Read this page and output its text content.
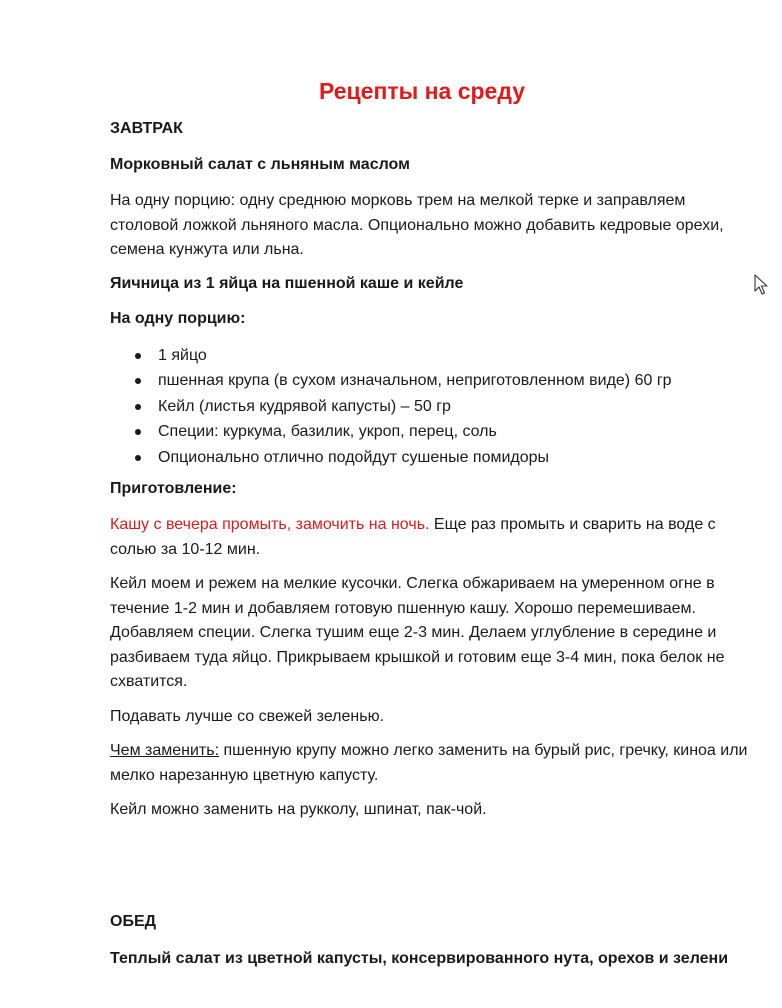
Рецепты на среду
ЗАВТРАК
Морковный салат с льняным маслом
На одну порцию: одну среднюю морковь трем на мелкой терке и заправляем столовой ложкой льняного масла. Опционально можно добавить кедровые орехи, семена кунжута или льна.
Яичница из 1 яйца на пшенной каше и кейле
На одну порцию:
1 яйцо
пшенная крупа (в сухом изначальном, неприготовленном виде) 60 гр
Кейл (листья кудрявой капусты) – 50 гр
Специи: куркума, базилик, укроп, перец, соль
Опционально отлично подойдут сушеные помидоры
Приготовление:
Кашу с вечера промыть, замочить на ночь. Еще раз промыть и сварить на воде с солью за 10-12 мин.
Кейл моем и режем на мелкие кусочки. Слегка обжариваем на умеренном огне в течение 1-2 мин и добавляем готовую пшенную кашу. Хорошо перемешиваем. Добавляем специи. Слегка тушим еще 2-3 мин. Делаем углубление в середине и разбиваем туда яйцо. Прикрываем крышкой и готовим еще 3-4 мин, пока белок не схватится.
Подавать лучше со свежей зеленью.
Чем заменить: пшенную крупу можно легко заменить на бурый рис, гречку, киноа или мелко нарезанную цветную капусту.
Кейл можно заменить на рукколу, шпинат, пак-чой.
ОБЕД
Теплый салат из цветной капусты, консервированного нута, орехов и зелени
